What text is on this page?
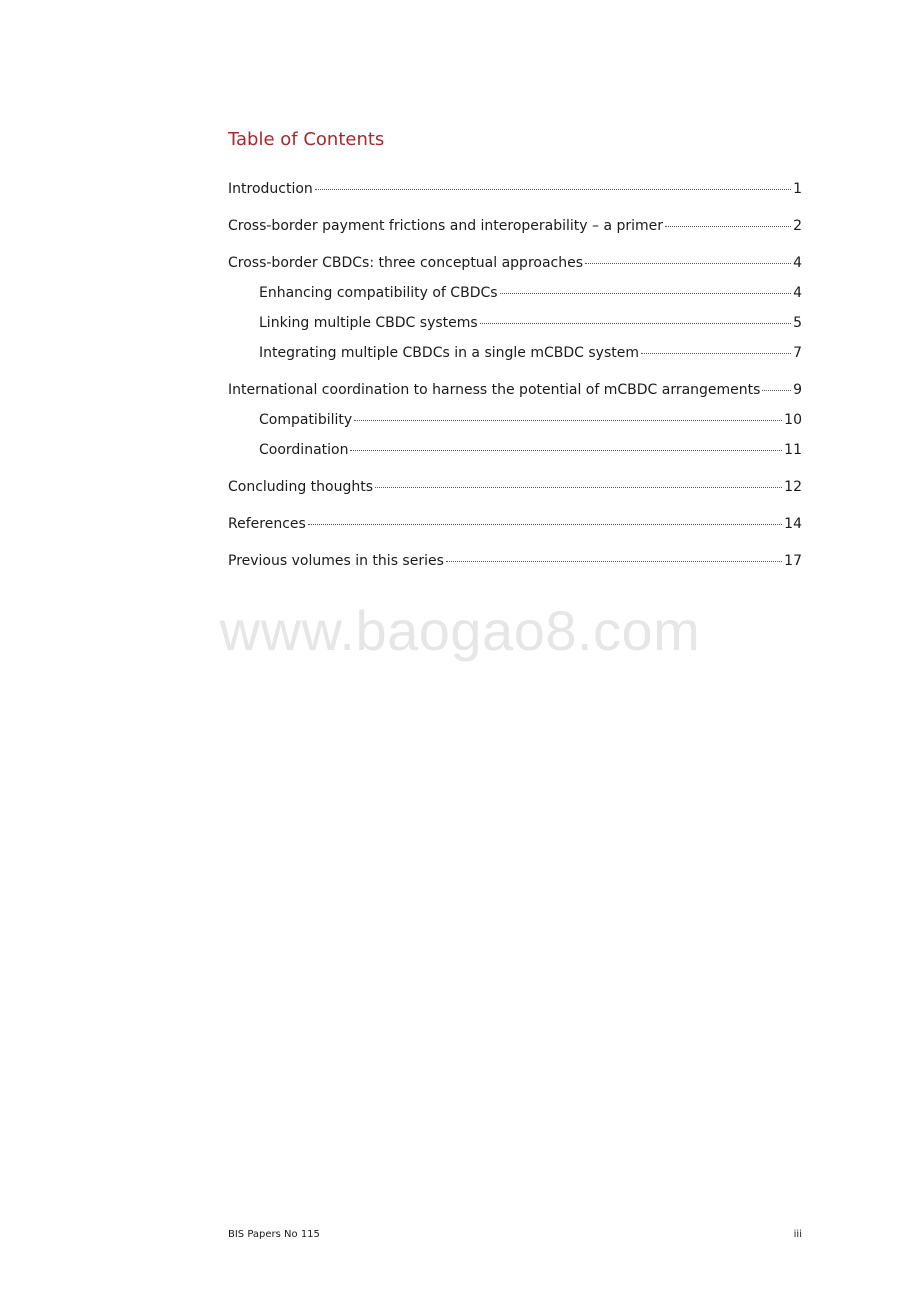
Table of Contents
Introduction	1
Cross-border payment frictions and interoperability – a primer	2
Cross-border CBDCs: three conceptual approaches	4
Enhancing compatibility of CBDCs	4
Linking multiple CBDC systems	5
Integrating multiple CBDCs in a single mCBDC system	7
International coordination to harness the potential of mCBDC arrangements 9
Compatibility	10
Coordination	11
Concluding thoughts	12
References	14
Previous volumes in this series	17
www.baogao8.com
BIS Papers No 115	iii
